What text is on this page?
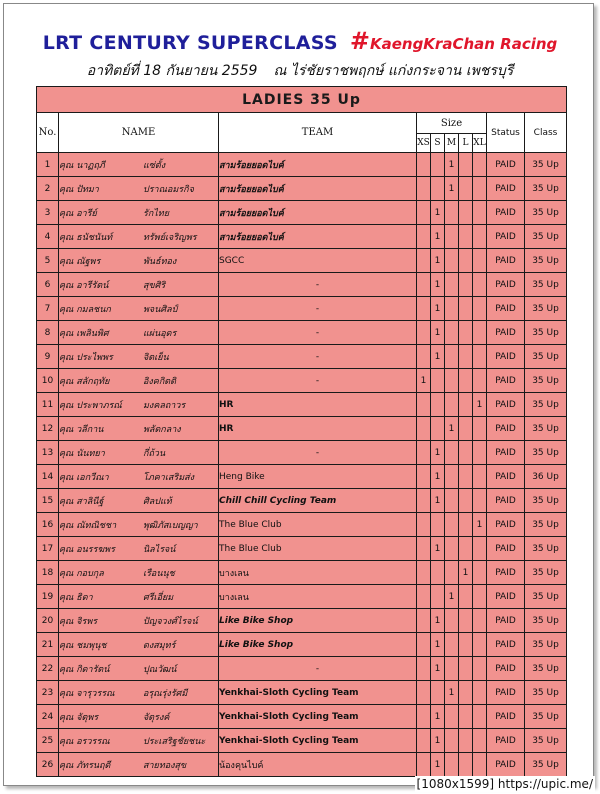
LRT CENTURY SUPERCLASS #KaengKraChan Racing
อาทิตย์ที่ 18 กันยายน 2559 ณ ไร่ชัยราชพฤกษ์ แก่งกระจาน เพชรบุรี
LADIES 35 Up									
No.	NAME	TEAM	Size					Status	Class
			XS	S	M	L	XL		
1	คุณ นาฏฤภี แซ่ตั้ง	สามร้อยยอดไบค์			1			PAID	35 Up
2	คุณ ปัทมา ปราณอมรกิจ	สามร้อยยอดไบค์			1			PAID	35 Up
3	คุณ อารีย์ รักไทย	สามร้อยยอดไบค์		1				PAID	35 Up
4	คุณ ธนัชนันท์ ทรัพย์เจริญพร	สามร้อยยอดไบค์		1				PAID	35 Up
5	คุณ ณัฐพร พันธ์ทอง	SGCC		1				PAID	35 Up
6	คุณ อารีรัตน์ สุขศิริ	-		1				PAID	35 Up
7	คุณ กมลชนก พจนศิลป์	-		1				PAID	35 Up
8	คุณ เพลินพิศ แผ่นอุดร	-		1				PAID	35 Up
9	คุณ ประไพพร จิตเย็น	-		1				PAID	35 Up
10	คุณ สลักฤทัย อิงคกิตติ	-	1					PAID	35 Up
11	คุณ ประพาภรณ์ มงคลถาวร	HR					1	PAID	35 Up
12	คุณ วลีกาน พลัดกลาง	HR			1			PAID	35 Up
13	คุณ นันทยา กี่ถ้วน	-		1				PAID	35 Up
14	คุณ เอกวีณา โภคาเสริมส่ง	Heng Bike		1				PAID	36 Up
15	คุณ สาลินีฐ์ ศิลปแท้	Chill Chill Cycling Team		1				PAID	35 Up
16	คุณ ณัทณิชชา พุฒิภัสเบญญา	The Blue Club					1	PAID	35 Up
17	คุณ อนรรฆพร นิลไรจน์	The Blue Club		1				PAID	35 Up
18	คุณ กอบกุล เรือนนุช	บางเลน				1		PAID	35 Up
19	คุณ ธิดา ศรีเอี่ยม	บางเลน			1			PAID	35 Up
20	คุณ จิรพร ปัญจวงศ์ไรจน์	Like Bike Shop		1				PAID	35 Up
21	คุณ ชมพุนุช ดงสมุทร์	Like Bike Shop		1				PAID	35 Up
22	คุณ กิดารัตน์ ปุณวัฒน์	-		1				PAID	35 Up
23	คุณ จารุวรรณ อรุณรุ่งรัศมี	Yenkhai-Sloth Cycling Team			1			PAID	35 Up
24	คุณ จัตุพร จัตุรงค์	Yenkhai-Sloth Cycling Team		1				PAID	35 Up
25	คุณ อรวรรณ ประเสริฐชัยชนะ	Yenkhai-Sloth Cycling Team		1				PAID	35 Up
26	คุณ ภัทรนฤดี สายทองสุข	น้องคุนไบค์		1				PAID	35 Up
[1080x1599] https://upic.me/
